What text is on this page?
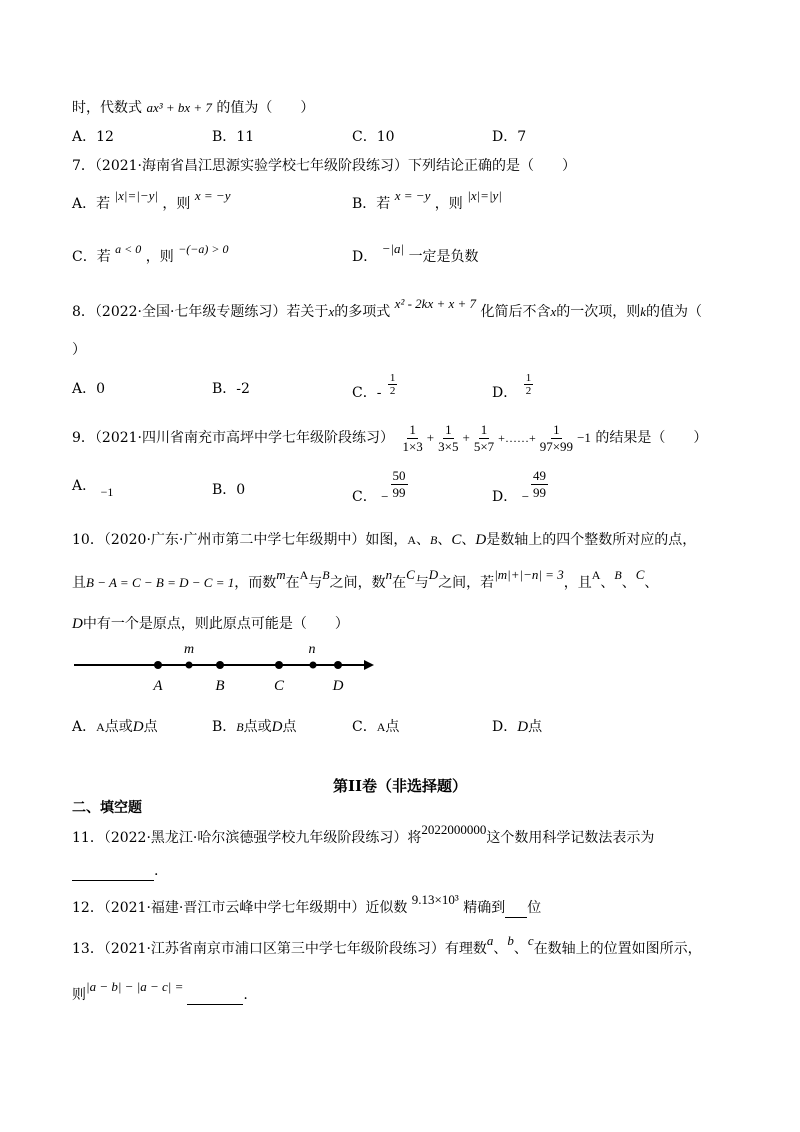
时，代数式 ax³ + bx + 7 的值为（　　）
A．12	B．11	C．10	D．7
7．（2021·海南省昌江思源实验学校七年级阶段练习）下列结论正确的是（　　）
A．若 |x|=|−y| ，则 x = −y
B．若 x = −y ，则 |x|=|y|
C．若 a < 0 ，则 −(−a) > 0	D． −|a| 一定是负数
8．（2022·全国·七年级专题练习）若关于x的多项式 x² - 2kx + x + 7 化简后不含x的一次项，则k的值为（
）
A．0	B．-2	C．- $\frac{1}{2}$	D． $\frac{1}{2}$
9．（2021·四川省南充市高坪中学七年级阶段练习） $\frac{1}{1\times 3} + \frac{1}{3\times 5} + \frac{1}{5\times 7}$ +……+ $\frac{1}{97\times 99} -1$ 的结果是（　　）
A． −1	B．0	C． − $\frac{50}{99}$	D． − $\frac{49}{99}$
10．（2020·广东·广州市第二中学七年级期中）如图，A、B、C、D是数轴上的四个整数所对应的点，
且B − A = C − B = D − C = 1，而数m在A与B之间，数n在C与D之间，若|m|+|−n| = 3，且A、B、C、
D中有一个是原点，则此原点可能是（　　）
A	B	C	D
m	n
A．A点或D点	B．B点或D点	C．A点	D．D点
第II卷（非选择题）
二、填空题
11．（2022·黑龙江·哈尔滨德强学校九年级阶段练习）将2022000000这个数用科学记数法表示为
.
12．（2021·福建·晋江市云峰中学七年级期中）近似数 9.13×10³ 精确到 位
13．（2021·江苏省南京市浦口区第三中学七年级阶段练习）有理数a、b、c在数轴上的位置如图所示，
则|a − b| − |a − c| =.
